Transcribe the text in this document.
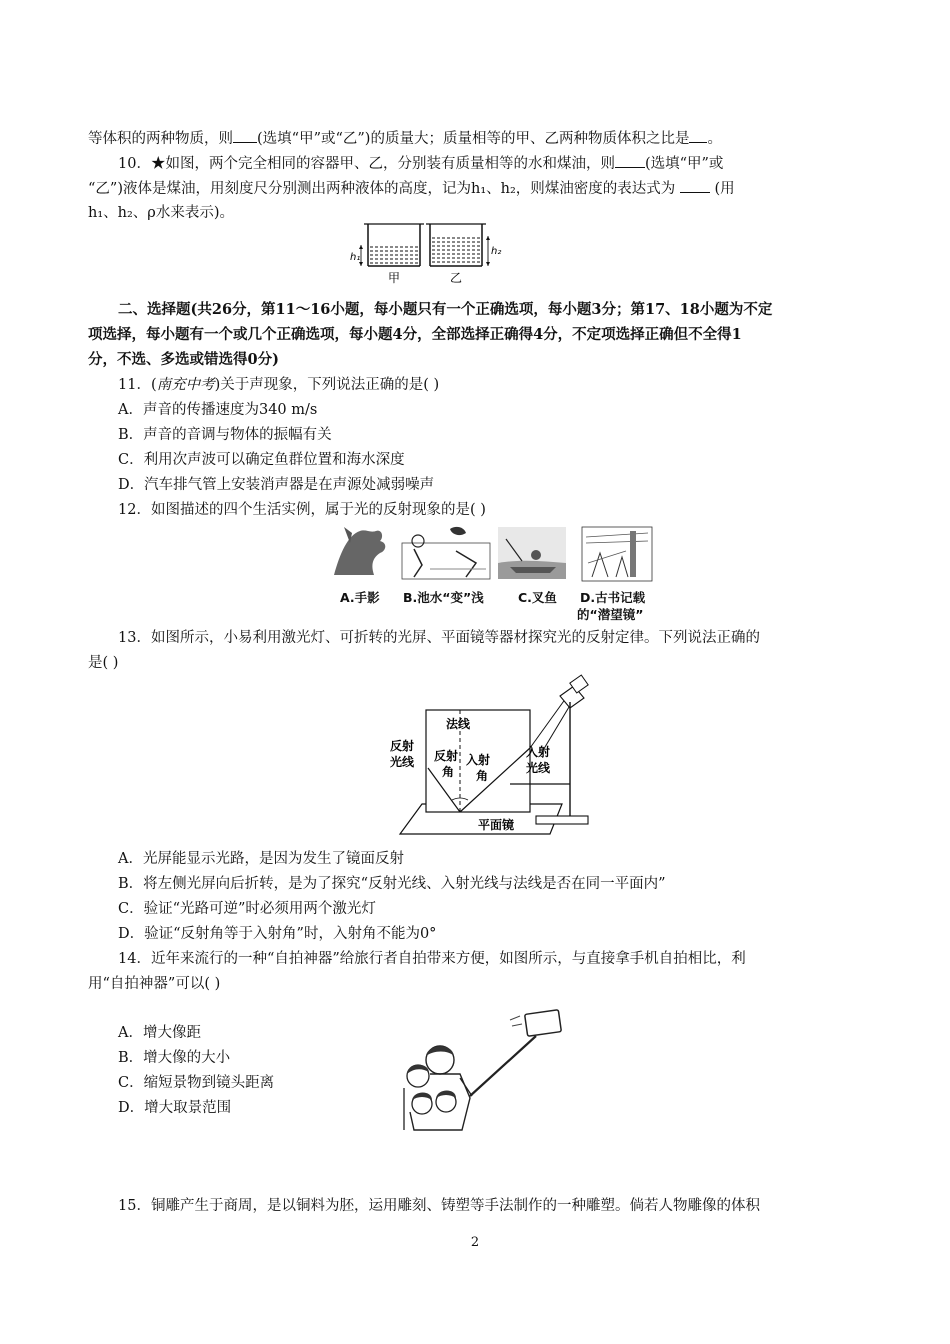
等体积的两种物质，则 (选填“甲”或“乙”)的质量大；质量相等的甲、乙两种物质体积之比是 。
10．★如图，两个完全相同的容器甲、乙，分别装有质量相等的水和煤油，则 (选填“甲”或
“乙”)液体是煤油，用刻度尺分别测出两种液体的高度，记为h₁、h₂，则煤油密度的表达式为	(用
h₁、h₂、ρ水来表示)。
h₁
甲
h₂
乙
二、选择题(共26分，第11～16小题，每小题只有一个正确选项，每小题3分；第17、18小题为不定
项选择，每小题有一个或几个正确选项，每小题4分，全部选择正确得4分，不定项选择正确但不全得1
分，不选、多选或错选得0分)
11．(南充中考)关于声现象，下列说法正确的是( )
A．声音的传播速度为340 m/s
B．声音的音调与物体的振幅有关
C．利用次声波可以确定鱼群位置和海水深度
D．汽车排气管上安装消声器是在声源处减弱噪声
12．如图描述的四个生活实例，属于光的反射现象的是( )
A.手影 B.池水“变”浅	C.叉鱼 D.古书记载
的“潜望镜”
13．如图所示，小易利用激光灯、可折转的光屏、平面镜等器材探究光的反射定律。下列说法正确的
是( )
法线
反射
光线 反射
角
入射
角
入射
光线
平面镜
A．光屏能显示光路，是因为发生了镜面反射
B．将左侧光屏向后折转，是为了探究“反射光线、入射光线与法线是否在同一平面内”
C．验证“光路可逆”时必须用两个激光灯
D．验证“反射角等于入射角”时，入射角不能为0°
14．近年来流行的一种“自拍神器”给旅行者自拍带来方便，如图所示，与直接拿手机自拍相比，利
用“自拍神器”可以( )
A．增大像距
B．增大像的大小
C．缩短景物到镜头距离
D．增大取景范围
15．铜雕产生于商周，是以铜料为胚，运用雕刻、铸塑等手法制作的一种雕塑。倘若人物雕像的体积
2
